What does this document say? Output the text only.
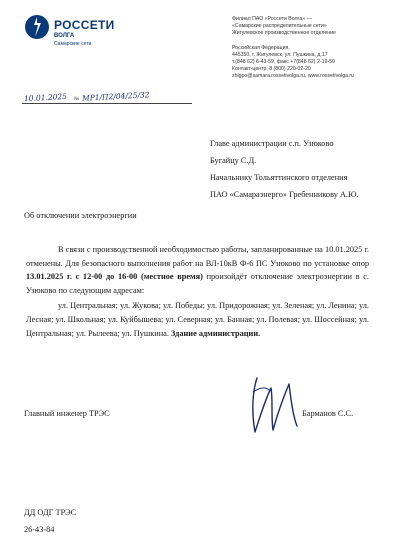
РОССЕТИ
ВОЛГА
Самарские сети
Филиал ПАО «Россети Волга» —
«Самарские распределительные сети»
Жигулевское производственное отделение
Российская Федерация,
445350, г. Жигулевск, ул. Пушкина, д.17
т.(848 62) 6-43-59, факс +7(848 62) 2-19-50
Контакт-центр: 8 (800) 220-02-20
zhigpo@samara.rossetivolga.ru, www.rossetivolga.ru
10.01.2025 № МР1/П2/04/25/32
Главе администрации с.п. Узюково
Бугайцу С.Д.
Начальнику Тольяттинского отделения
ПАО «Самараэнерго» Гребенникову А.Ю.
Об отключении электроэнергии

В связи с производственной необходимостью работы, запланированные на 10.01.2025 г. отменены. Для безопасного выполнения работ на ВЛ-10кВ Ф-6 ПС Узюково по установке опор 13.01.2025 г. с 12-00 до 16-00 (местное время) произойдёт отключение электроэнергии в с. Узюково по следующим адресам:

ул. Центральная; ул. Жукова; ул. Победы; ул. Придорожная; ул. Зеленая; ул. Ленина; ул. Лесная; ул. Школьная; ул. Куйбышева; ул. Северная; ул. Банная; ул. Полевая; ул. Шоссейная; ул. Центральная; ул. Рылеева; ул. Пушкина. Здание администрации.

Главный инженер ТРЭС	Барманов С.С.
ДД ОДГ ТРЭС
26-43-84
